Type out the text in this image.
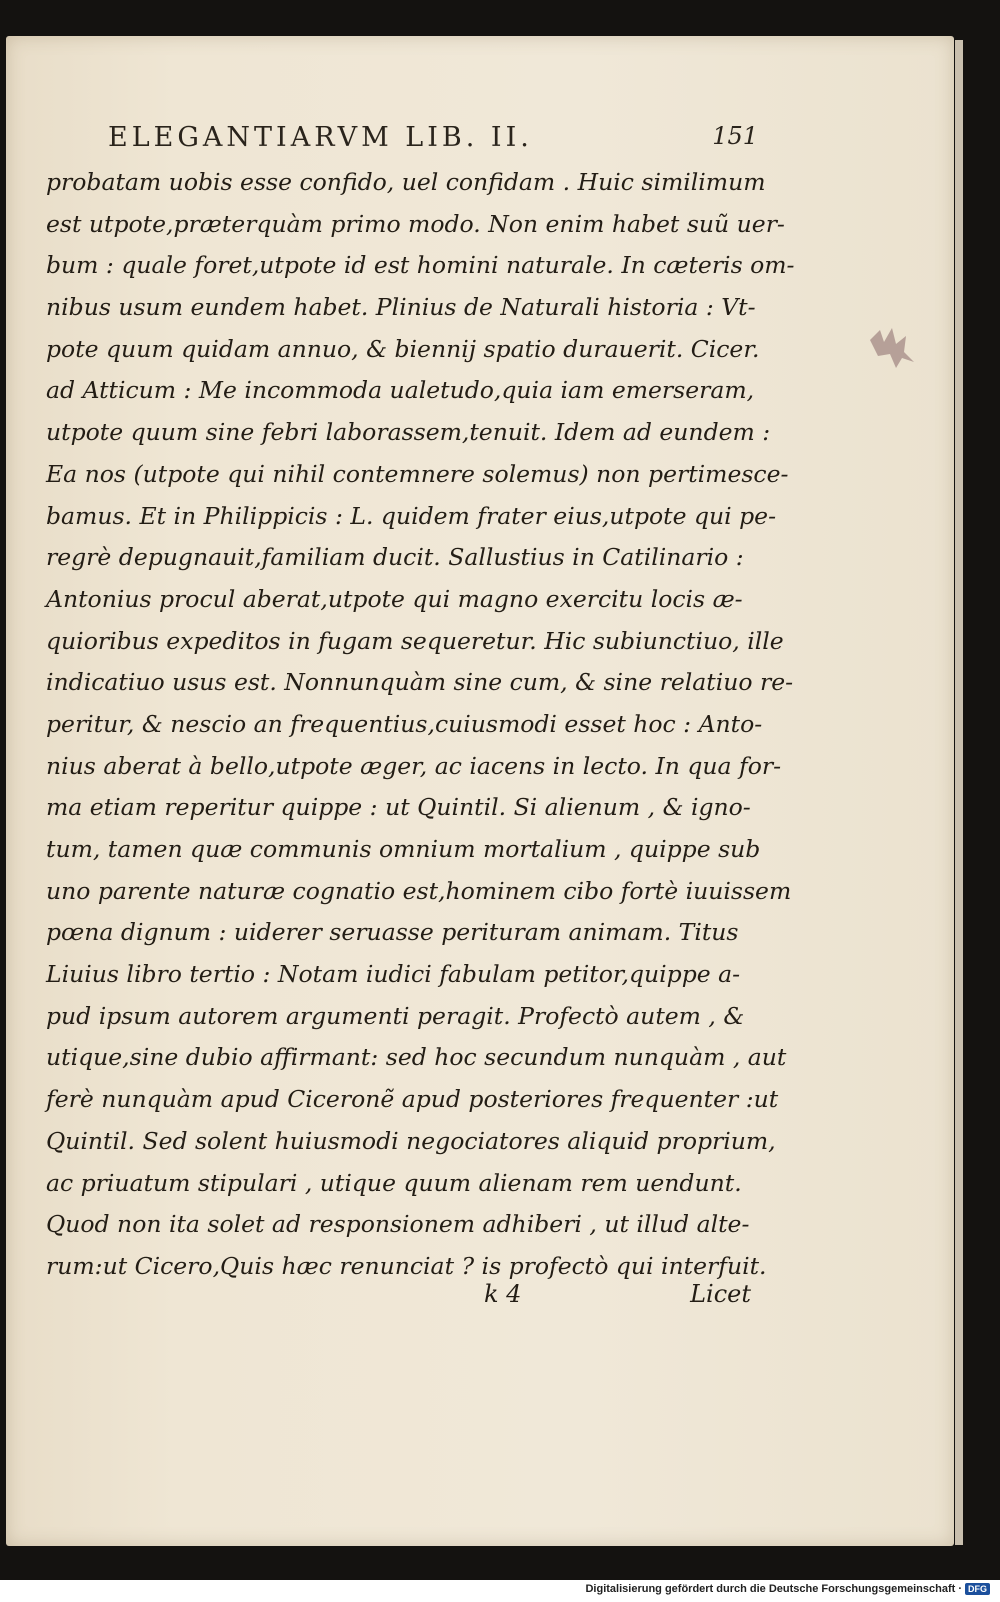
ELEGANTIARVM LIB. II.	151
probatam uobis esse confido, uel confidam . Huic similimum
est utpote,præterquàm primo modo. Non enim habet suũ uer-
bum : quale foret,utpote id est homini naturale. In cæteris om-
nibus usum eundem habet. Plinius de Naturali historia : Vt-
pote quum quidam annuo, & biennij spatio durauerit. Cicer.
ad Atticum : Me incommoda ualetudo,quia iam emerseram,
utpote quum sine febri laborassem,tenuit. Idem ad eundem :
Ea nos (utpote qui nihil contemnere solemus) non pertimesce-
bamus. Et in Philippicis : L. quidem frater eius,utpote qui pe-
regrè depugnauit,familiam ducit. Sallustius in Catilinario :
Antonius procul aberat,utpote qui magno exercitu locis æ-
quioribus expeditos in fugam sequeretur. Hic subiunctiuo, ille
indicatiuo usus est. Nonnunquàm sine cum, & sine relatiuo re-
peritur, & nescio an frequentius,cuiusmodi esset hoc : Anto-
nius aberat à bello,utpote æger, ac iacens in lecto. In qua for-
ma etiam reperitur quippe : ut Quintil. Si alienum , & igno-
tum, tamen quæ communis omnium mortalium , quippe sub
uno parente naturæ cognatio est,hominem cibo fortè iuuissem
pœna dignum : uiderer seruasse perituram animam. Titus
Liuius libro tertio : Notam iudici fabulam petitor,quippe a-
pud ipsum autorem argumenti peragit. Profectò autem , &
utique,sine dubio affirmant: sed hoc secundum nunquàm , aut
ferè nunquàm apud Ciceronẽ apud posteriores frequenter :ut
Quintil. Sed solent huiusmodi negociatores aliquid proprium,
ac priuatum stipulari , utique quum alienam rem uendunt.
Quod non ita solet ad responsionem adhiberi , ut illud alte-
rum:ut Cicero,Quis hæc renunciat ? is profectò qui interfuit.
k 4	Licet
Digitalisierung gefördert durch die Deutsche Forschungsgemeinschaft · DFG
